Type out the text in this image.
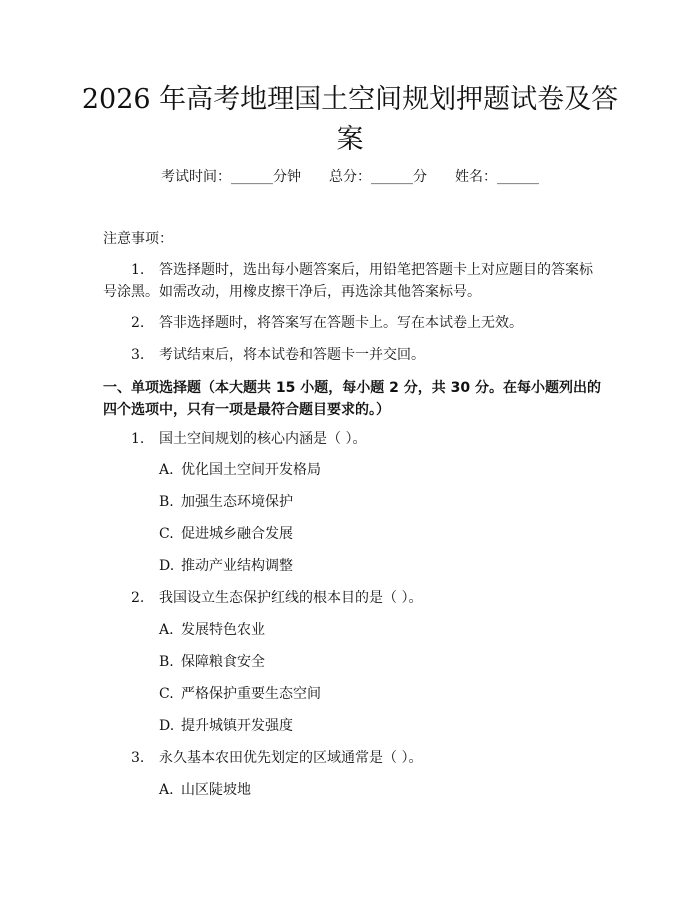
2026 年高考地理国土空间规划押题试卷及答案
考试时间：______分钟 总分：______分 姓名：______
注意事项：
1. 答选择题时，选出每小题答案后，用铅笔把答题卡上对应题目的答案标号涂黑。如需改动，用橡皮擦干净后，再选涂其他答案标号。
2. 答非选择题时，将答案写在答题卡上。写在本试卷上无效。
3. 考试结束后，将本试卷和答题卡一并交回。
一、单项选择题（本大题共 15 小题，每小题 2 分，共 30 分。在每小题列出的四个选项中，只有一项是最符合题目要求的。）
1. 国土空间规划的核心内涵是（ ）。
A. 优化国土空间开发格局
B. 加强生态环境保护
C. 促进城乡融合发展
D. 推动产业结构调整
2. 我国设立生态保护红线的根本目的是（ ）。
A. 发展特色农业
B. 保障粮食安全
C. 严格保护重要生态空间
D. 提升城镇开发强度
3. 永久基本农田优先划定的区域通常是（ ）。
A. 山区陡坡地
